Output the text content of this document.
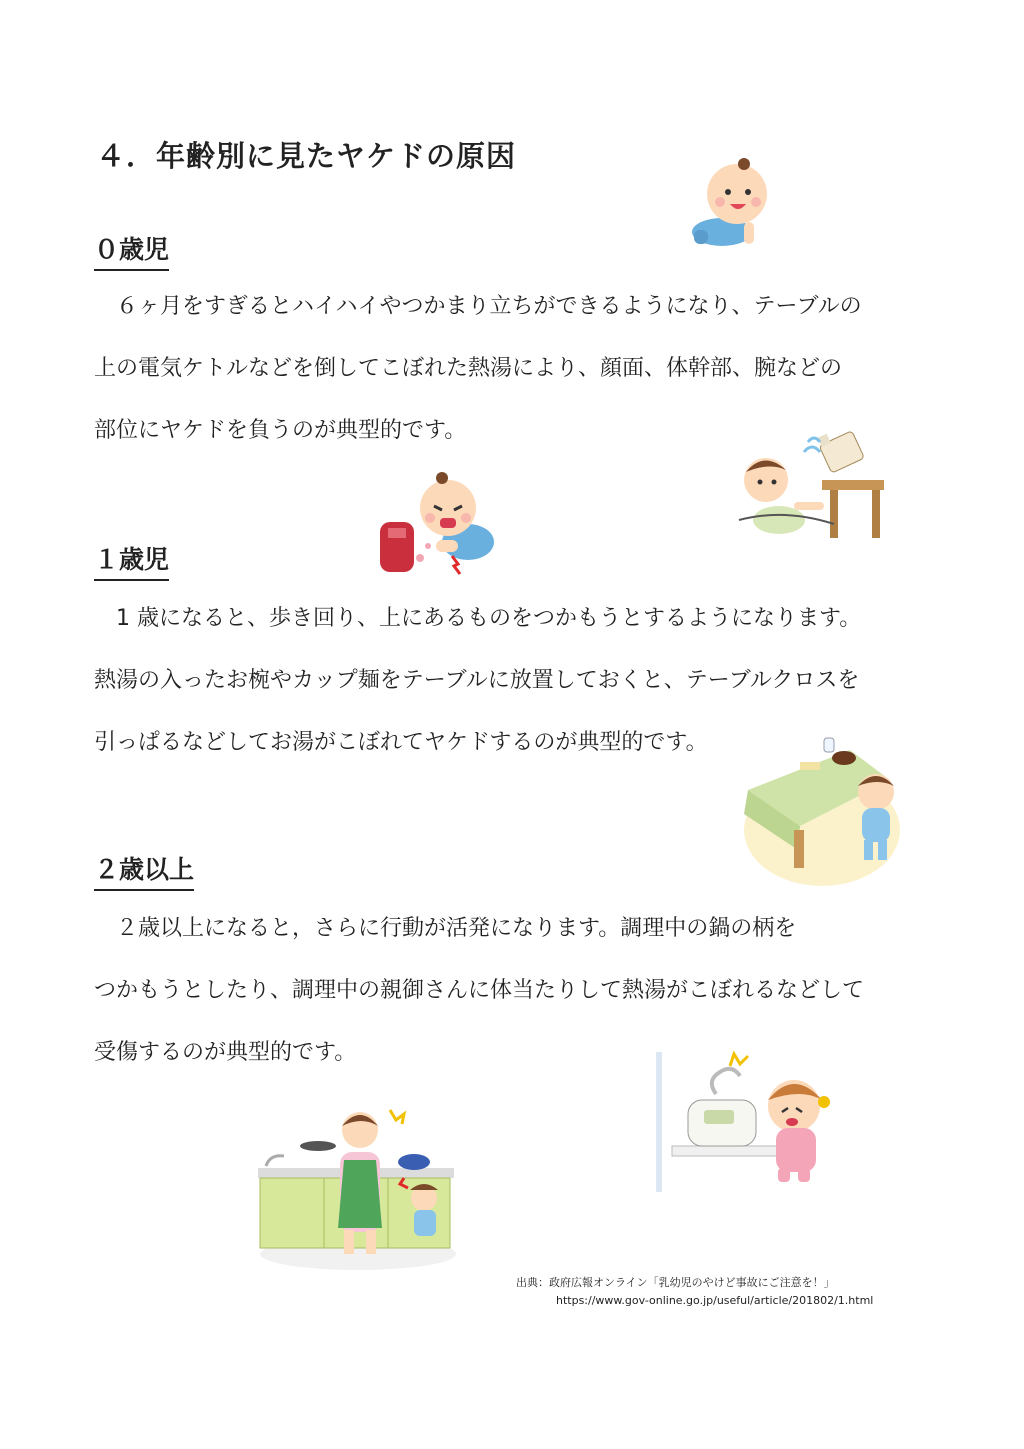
４．年齢別に見たヤケドの原因
０歳児
　６ヶ月をすぎるとハイハイやつかまり立ちができるようになり、テーブルの
上の電気ケトルなどを倒してこぼれた熱湯により、顔面、体幹部、腕などの
部位にヤケドを負うのが典型的です。
１歳児
　1 歳になると、歩き回り、上にあるものをつかもうとするようになります。
熱湯の入ったお椀やカップ麺をテーブルに放置しておくと、テーブルクロスを
引っぱるなどしてお湯がこぼれてヤケドするのが典型的です。
２歳以上
　２歳以上になると，さらに行動が活発になります。調理中の鍋の柄を
つかもうとしたり、調理中の親御さんに体当たりして熱湯がこぼれるなどして
受傷するのが典型的です。
出典：政府広報オンライン「乳幼児のやけど事故にご注意を！」
https://www.gov-online.go.jp/useful/article/201802/1.html
